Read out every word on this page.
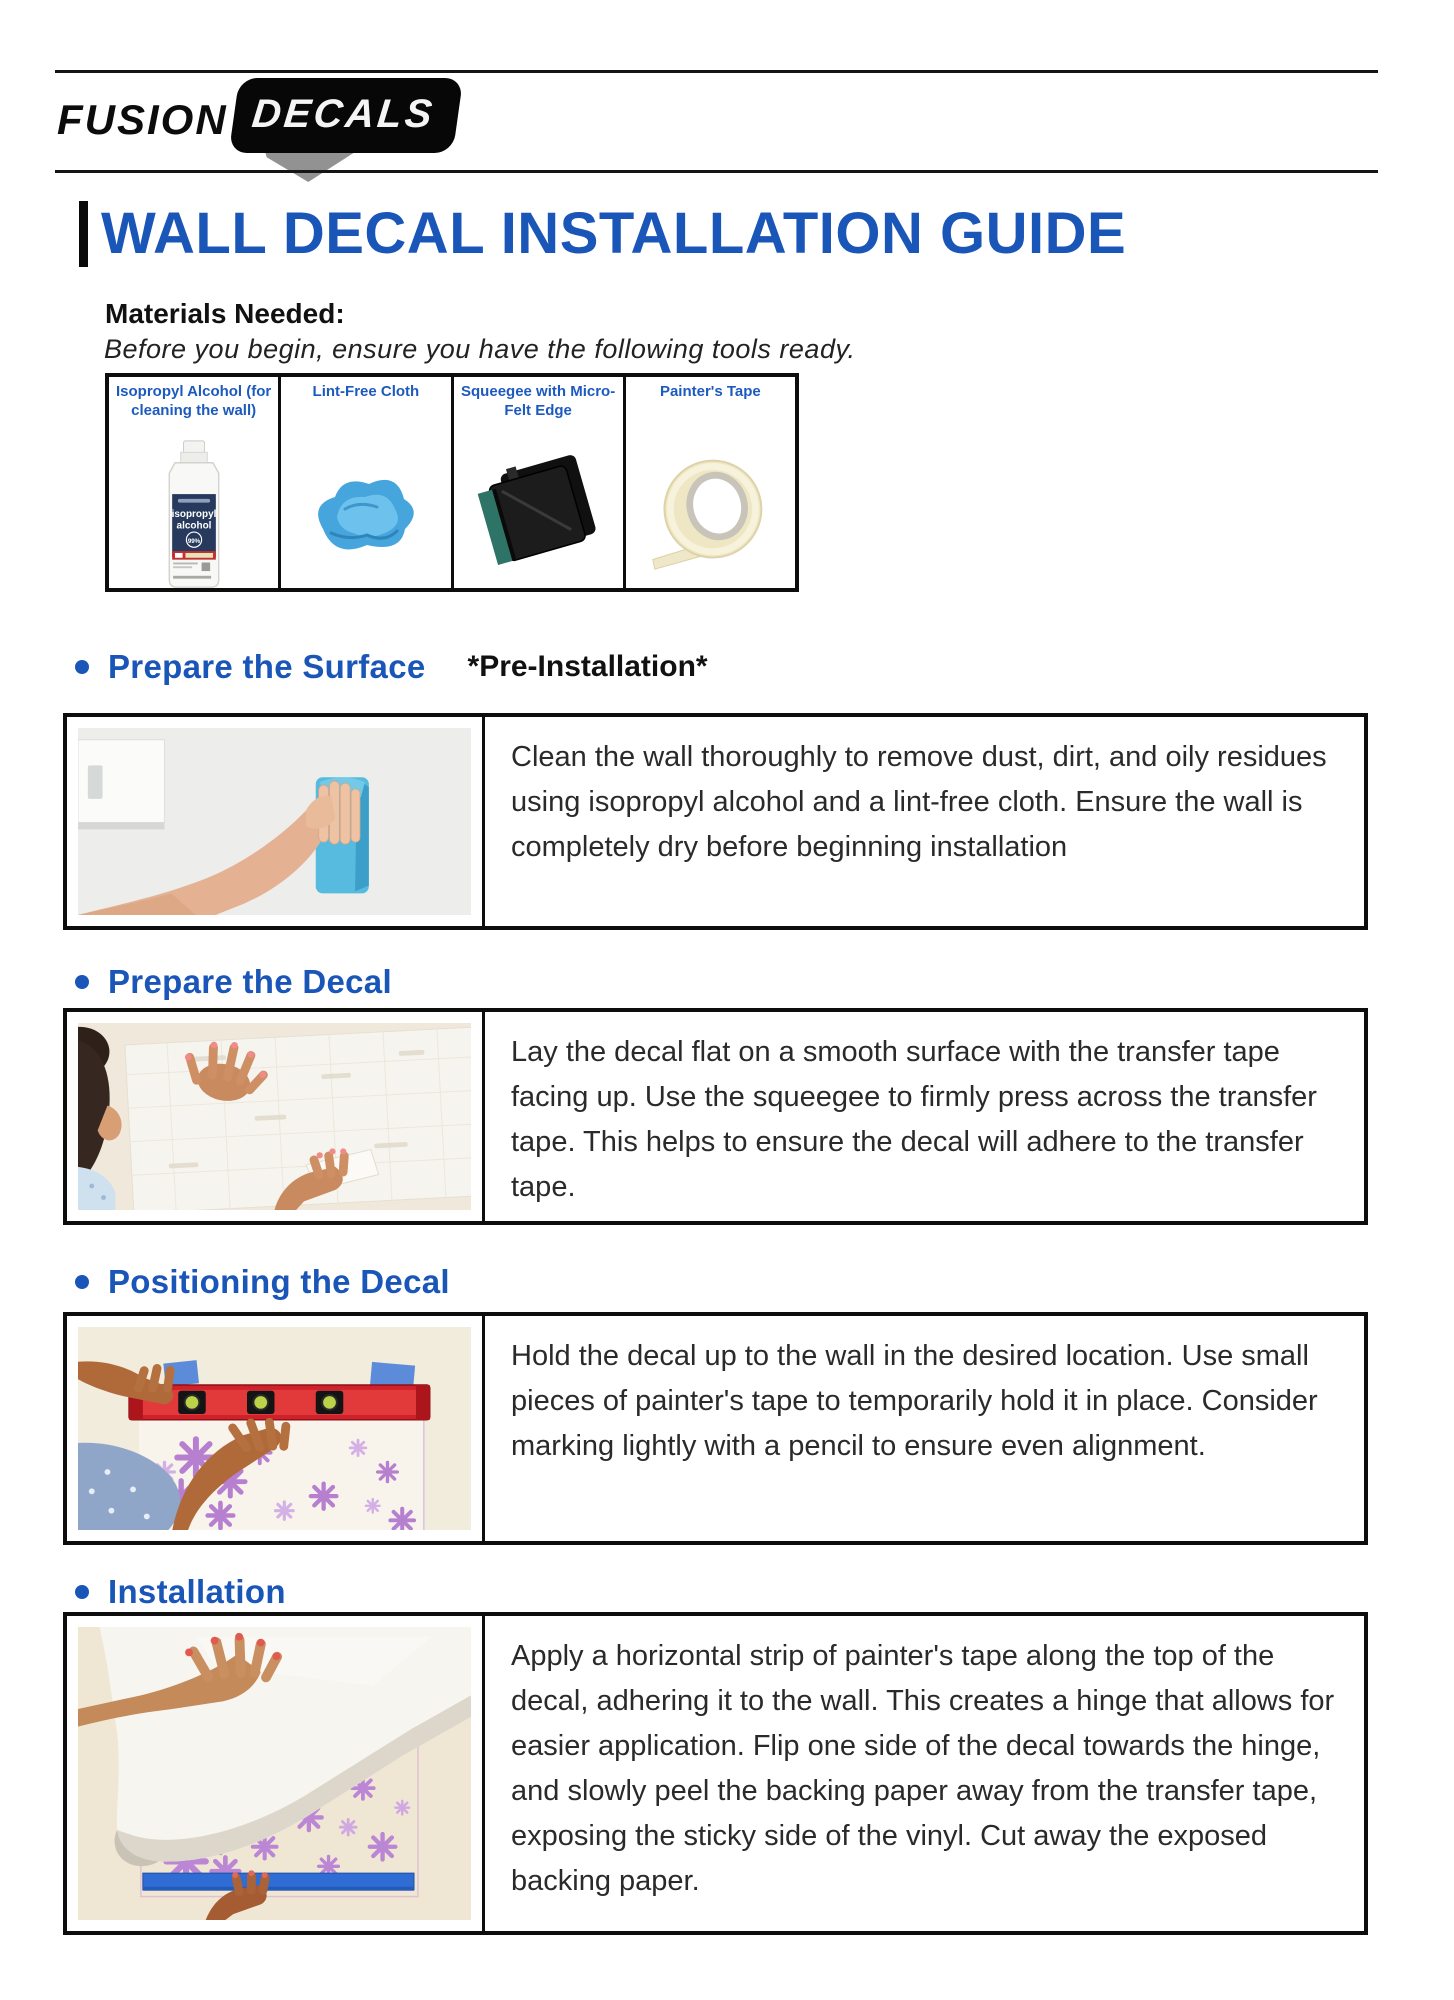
FUSION DECALS
WALL DECAL INSTALLATION GUIDE
Materials Needed:
Before you begin, ensure you have the following tools ready.
Isopropyl Alcohol (for cleaning the wall)
isopropyl
alcohol
99%
Lint-Free Cloth	Squeegee with Micro-Felt Edge
Painter's Tape
Prepare the Surface *Pre-Installation*

Clean the wall thoroughly to remove dust, dirt, and oily residues using isopropyl alcohol and a lint-free cloth. Ensure the wall is completely dry before beginning installation

Prepare the Decal

Lay the decal flat on a smooth surface with the transfer tape facing up. Use the squeegee to firmly press across the transfer tape. This helps to ensure the decal will adhere to the transfer tape.

Positioning the Decal

Hold the decal up to the wall in the desired location. Use small pieces of painter's tape to temporarily hold it in place. Consider marking lightly with a pencil to ensure even alignment.

Installation

Apply a horizontal strip of painter's tape along the top of the decal, adhering it to the wall. This creates a hinge that allows for easier application. Flip one side of the decal towards the hinge, and slowly peel the backing paper away from the transfer tape, exposing the sticky side of the vinyl. Cut away the exposed backing paper.
